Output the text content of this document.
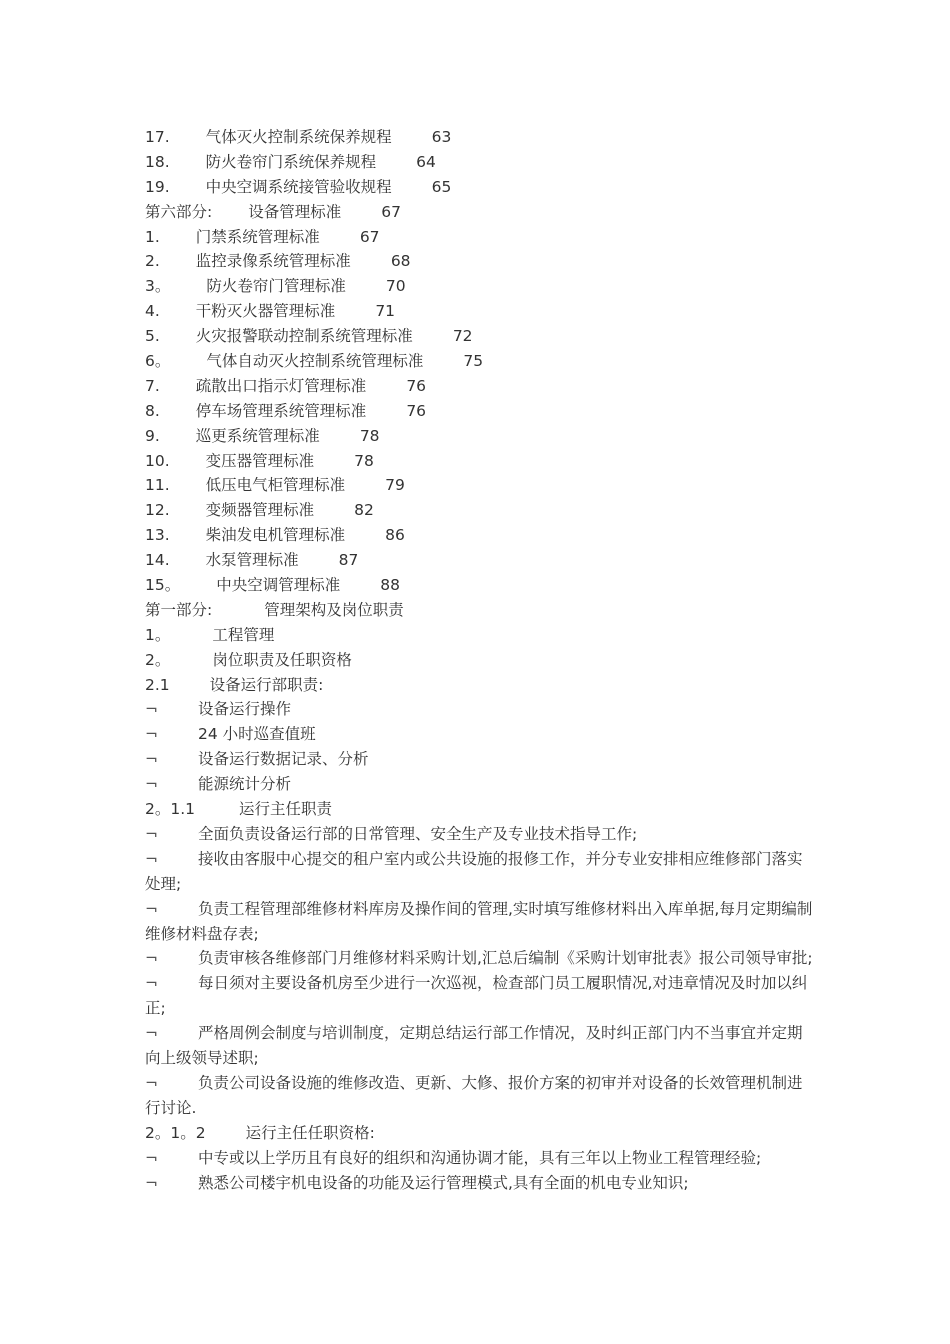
17. 气体灭火控制系统保养规程	63
18. 防火卷帘门系统保养规程	64
19. 中央空调系统接管验收规程	65
第六部分: 设备管理标准	67
1. 门禁系统管理标准	67
2. 监控录像系统管理标准	68
3。 防火卷帘门管理标准	70
4. 干粉灭火器管理标准	71
5. 火灾报警联动控制系统管理标准	72
6。 气体自动灭火控制系统管理标准	75
7. 疏散出口指示灯管理标准	76
8. 停车场管理系统管理标准	76
9. 巡更系统管理标准	78
10. 变压器管理标准	78
11. 低压电气柜管理标准	79
12. 变频器管理标准	82
13. 柴油发电机管理标准	86
14. 水泵管理标准	87
15。 中央空调管理标准	88
第一部分:	管理架构及岗位职责
1。	工程管理
2。	岗位职责及任职资格
2.1	设备运行部职责:
¬	设备运行操作
¬	24 小时巡查值班
¬	设备运行数据记录、分析
¬	能源统计分析
2。1.1	运行主任职责
¬	全面负责设备运行部的日常管理、安全生产及专业技术指导工作;
¬	接收由客服中心提交的租户室内或公共设施的报修工作，并分专业安排相应维修部门落实处理;
¬	负责工程管理部维修材料库房及操作间的管理,实时填写维修材料出入库单据,每月定期编制维修材料盘存表;
¬	负责审核各维修部门月维修材料采购计划,汇总后编制《采购计划审批表》报公司领导审批;
¬	每日须对主要设备机房至少进行一次巡视，检查部门员工履职情况,对违章情况及时加以纠正;
¬	严格周例会制度与培训制度，定期总结运行部工作情况，及时纠正部门内不当事宜并定期向上级领导述职;
¬	负责公司设备设施的维修改造、更新、大修、报价方案的初审并对设备的长效管理机制进行讨论.
2。1。2	运行主任任职资格:
¬	中专或以上学历且有良好的组织和沟通协调才能，具有三年以上物业工程管理经验;
¬	熟悉公司楼宇机电设备的功能及运行管理模式,具有全面的机电专业知识;
